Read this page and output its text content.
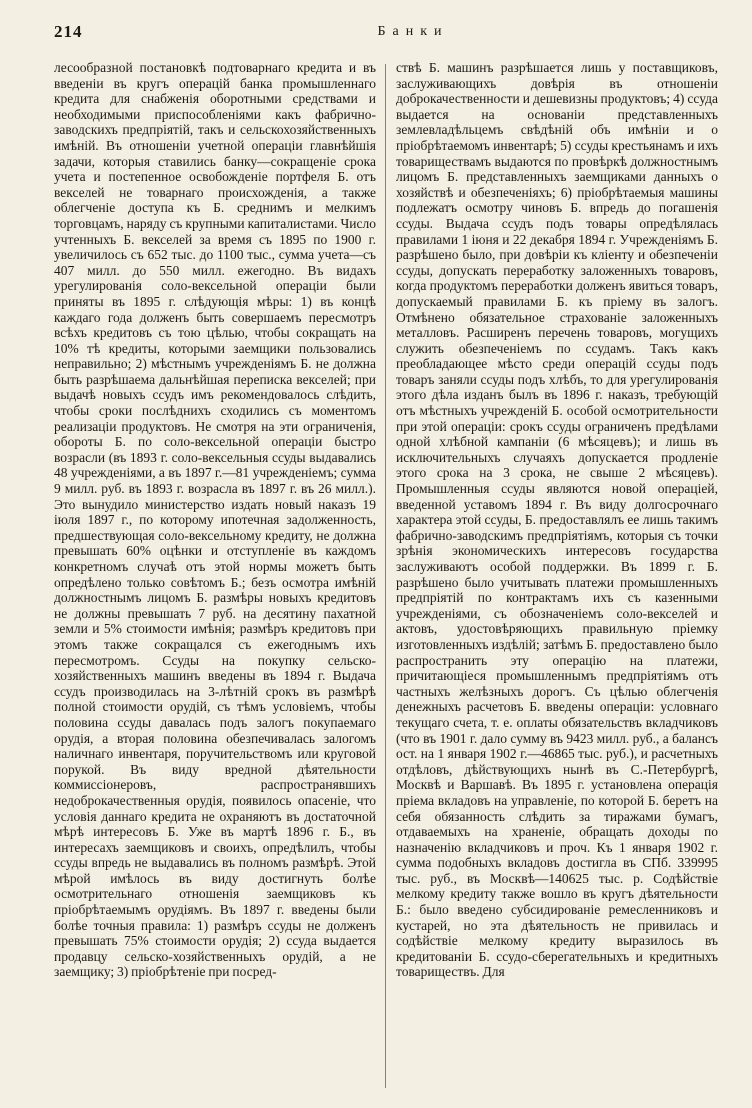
214	Банки

лесообразной постановкѣ подтоварнаго кредита и въ введеніи въ кругъ операцій банка промышленнаго кредита для снабженія оборотными средствами и необходимыми приспособленіями какъ фабрично-заводскихъ предпріятій, такъ и сельскохозяйственныхъ имѣній. Въ отношеніи учетной операціи главнѣйшія задачи, которыя ставились банку—сокращеніе срока учета и постепенное освобожденіе портфеля Б. отъ векселей не товарнаго происхожденія, а также облегченіе доступа къ Б. среднимъ и мелкимъ торговцамъ, наряду съ крупными капиталистами. Число учтенныхъ Б. векселей за время съ 1895 по 1900 г. увеличилось съ 652 тыс. до 1100 тыс., сумма учета—съ 407 милл. до 550 милл. ежегодно. Въ видахъ урегулированія соло-вексельной операціи были приняты въ 1895 г. слѣдующія мѣры: 1) въ концѣ каждаго года долженъ быть совершаемъ пересмотръ всѣхъ кредитовъ съ тою цѣлью, чтобы сокращать на 10% тѣ кредиты, которыми заемщики пользовались неправильно; 2) мѣстнымъ учрежденіямъ Б. не должна быть разрѣшаема дальнѣйшая переписка векселей; при выдачѣ новыхъ ссудъ имъ рекомендовалось слѣдить, чтобы сроки послѣднихъ сходились съ моментомъ реализаціи продуктовъ. Не смотря на эти ограниченія, обороты Б. по соло-вексельной операціи быстро возрасли (въ 1893 г. соло-вексельныя ссуды выдавались 48 учрежденіями, а въ 1897 г.—81 учрежденіемъ; сумма 9 милл. руб. въ 1893 г. возрасла въ 1897 г. въ 26 милл.). Это вынудило министерство издать новый наказъ 19 іюля 1897 г., по которому ипотечная задолженность, предшествующая соло-вексельному кредиту, не должна превышать 60% оцѣнки и отступленіе въ каждомъ конкретномъ случаѣ отъ этой нормы можетъ быть опредѣлено только совѣтомъ Б.; безъ осмотра имѣній должностнымъ лицомъ Б. размѣры новыхъ кредитовъ не должны превышать 7 руб. на десятину пахатной земли и 5% стоимости имѣнія; размѣръ кредитовъ при этомъ также сокращался съ ежегоднымъ ихъ пересмотромъ. Ссуды на покупку сельско-хозяйственныхъ машинъ введены въ 1894 г. Выдача ссудъ производилась на 3-лѣтній срокъ въ размѣрѣ полной стоимости орудій, съ тѣмъ условіемъ, чтобы половина ссуды давалась подъ залогъ покупаемаго орудія, а вторая половина обезпечивалась залогомъ наличнаго инвентаря, поручительствомъ или круговой порукой. Въ виду вредной дѣятельности коммиссіонеровъ, распространявшихъ недоброкачественныя орудія, появилось опасеніе, что условія даннаго кредита не охраняютъ въ достаточной мѣрѣ интересовъ Б. Уже въ мартѣ 1896 г. Б., въ интересахъ заемщиковъ и своихъ, опредѣлилъ, чтобы ссуды впредь не выдавались въ полномъ размѣрѣ. Этой мѣрой имѣлось въ виду достигнуть болѣе осмотрительнаго отношенія заемщиковъ къ пріобрѣтаемымъ орудіямъ. Въ 1897 г. введены были болѣе точныя правила: 1) размѣръ ссуды не долженъ превышать 75% стоимости орудія; 2) ссуда выдается продавцу сельско-хозяйственныхъ орудій, а не заемщику; 3) пріобрѣтеніе при посред-

ствѣ Б. машинъ разрѣшается лишь у поставщиковъ, заслуживающихъ довѣрія въ отношеніи доброкачественности и дешевизны продуктовъ; 4) ссуда выдается на основаніи представленныхъ землевладѣльцемъ свѣдѣній объ имѣніи и о пріобрѣтаемомъ инвентарѣ; 5) ссуды крестьянамъ и ихъ товариществамъ выдаются по провѣркѣ должностнымъ лицомъ Б. представленныхъ заемщиками данныхъ о хозяйствѣ и обезпеченіяхъ; 6) пріобрѣтаемыя машины подлежатъ осмотру чиновъ Б. впредь до погашенія ссуды. Выдача ссудъ подъ товары опредѣлялась правилами 1 іюня и 22 декабря 1894 г. Учрежденіямъ Б. разрѣшено было, при довѣріи къ кліенту и обезпеченіи ссуды, допускать переработку заложенныхъ товаровъ, когда продуктомъ переработки долженъ явиться товаръ, допускаемый правилами Б. къ пріему въ залогъ. Отмѣнено обязательное страхованіе заложенныхъ металловъ. Расширенъ перечень товаровъ, могущихъ служить обезпеченіемъ по ссудамъ. Такъ какъ преобладающее мѣсто среди операцій ссуды подъ товаръ заняли ссуды подъ хлѣбъ, то для урегулированія этого дѣла изданъ былъ въ 1896 г. наказъ, требующій отъ мѣстныхъ учрежденій Б. особой осмотрительности при этой операціи: срокъ ссуды ограниченъ предѣлами одной хлѣбной кампаніи (6 мѣсяцевъ); и лишь въ исключительныхъ случаяхъ допускается продленіе этого срока на 3 срока, не свыше 2 мѣсяцевъ). Промышленныя ссуды являются новой операціей, введенной уставомъ 1894 г. Въ виду долгосрочнаго характера этой ссуды, Б. предоставлялъ ее лишь такимъ фабрично-заводскимъ предпріятіямъ, которыя съ точки зрѣнія экономическихъ интересовъ государства заслуживаютъ особой поддержки. Въ 1899 г. Б. разрѣшено было учитывать платежи промышленныхъ предпріятій по контрактамъ ихъ съ казенными учрежденіями, съ обозначеніемъ соло-векселей и актовъ, удостовѣряющихъ правильную пріемку изготовленныхъ издѣлій; затѣмъ Б. предоставлено было распространить эту операцію на платежи, причитающіеся промышленнымъ предпріятіямъ отъ частныхъ желѣзныхъ дорогъ. Съ цѣлью облегченія денежныхъ расчетовъ Б. введены операціи: условнаго текущаго счета, т. е. оплаты обязательствъ вкладчиковъ (что въ 1901 г. дало сумму въ 9423 милл. руб., а балансъ ост. на 1 января 1902 г.—46865 тыс. руб.), и расчетныхъ отдѣловъ, дѣйствующихъ нынѣ въ С.-Петербургѣ, Москвѣ и Варшавѣ. Въ 1895 г. установлена операція пріема вкладовъ на управленіе, по которой Б. беретъ на себя обязанность слѣдить за тиражами бумагъ, отдаваемыхъ на храненіе, обращать доходы по назначенію вкладчиковъ и проч. Къ 1 января 1902 г. сумма подобныхъ вкладовъ достигла въ СПб. 339995 тыс. руб., въ Москвѣ—140625 тыс. р. Содѣйствіе мелкому кредиту также вошло въ кругъ дѣятельности Б.: было введено субсидированіе ремесленниковъ и кустарей, но эта дѣятельность не привилась и содѣйствіе мелкому кредиту выразилось въ кредитованіи Б. ссудо-сберегательныхъ и кредитныхъ товариществъ. Для
